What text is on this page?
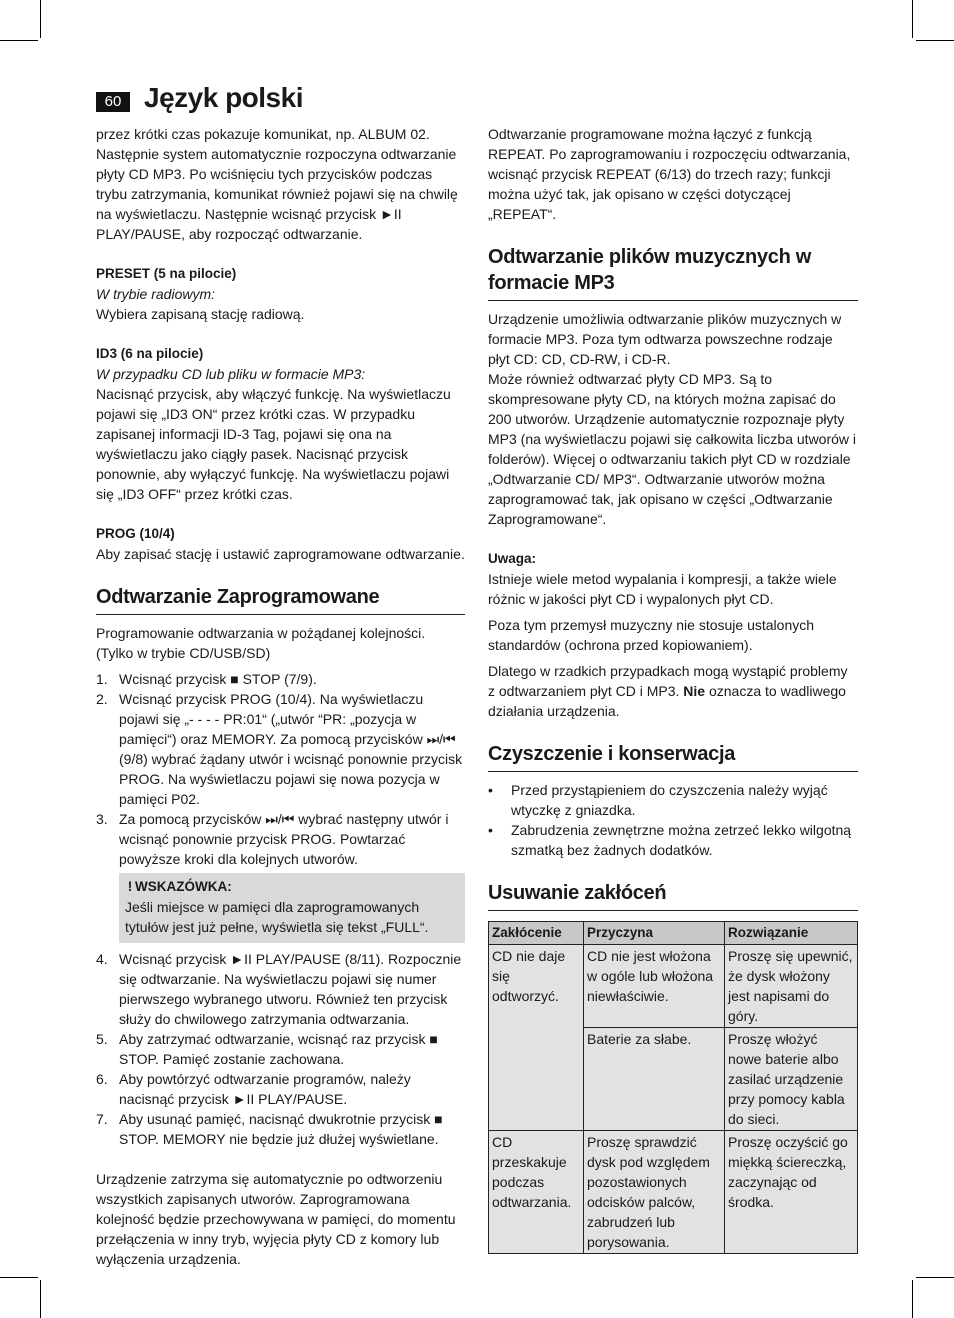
60 Język polski

przez krótki czas pokazuje komunikat, np. ALBUM 02. Następnie system automatycznie rozpoczyna odtwarzanie płyty CD MP3. Po wciśnięciu tych przycisków podczas trybu zatrzymania, komunikat również pojawi się na chwilę na wyświetlaczu. Następnie wcisnąć przycisk ►II PLAY/PAUSE, aby rozpocząć odtwarzanie.

PRESET (5 na pilocie)

W trybie radiowym:

Wybiera zapisaną stację radiową.

ID3 (6 na pilocie)

W przypadku CD lub pliku w formacie MP3:

Nacisnąć przycisk, aby włączyć funkcję. Na wyświetlaczu pojawi się „ID3 ON“ przez krótki czas. W przypadku zapisanej informacji ID-3 Tag, pojawi się ona na wyświetlaczu jako ciągły pasek. Nacisnąć przycisk ponownie, aby wyłączyć funkcję. Na wyświetlaczu pojawi się „ID3 OFF“ przez krótki czas.

PROG (10/4)

Aby zapisać stację i ustawić zaprogramowane odtwarzanie.

Odtwarzanie Zaprogramowane

Programowanie odtwarzania w pożądanej kolejności. (Tylko w trybie CD/USB/SD)

1. Wcisnąć przycisk ■ STOP (7/9).
2. Wcisnąć przycisk PROG (10/4). Na wyświetlaczu pojawi się „- - - - PR:01“ („utwór “PR: „pozycja w pamięci“) oraz MEMORY. Za pomocą przycisków ⏭/⏮ (9/8) wybrać żądany utwór i wcisnąć ponownie przycisk PROG. Na wyświetlaczu pojawi się nowa pozycja w pamięci P02.
3. Za pomocą przycisków ⏭/⏮ wybrać następny utwór i wcisnąć ponownie przycisk PROG. Powtarzać powyższe kroki dla kolejnych utworów.
! WSKAZÓWKA:

Jeśli miejsce w pamięci dla zaprogramowanych tytułów jest już pełne, wyświetla się tekst „FULL“.

4. Wcisnąć przycisk ►II PLAY/PAUSE (8/11). Rozpocznie się odtwarzanie. Na wyświetlaczu pojawi się numer pierwszego wybranego utworu. Również ten przycisk służy do chwilowego zatrzymania odtwarzania.
5. Aby zatrzymać odtwarzanie, wcisnąć raz przycisk ■ STOP. Pamięć zostanie zachowana.
6. Aby powtórzyć odtwarzanie programów, należy nacisnąć przycisk ►II PLAY/PAUSE.
7. Aby usunąć pamięć, nacisnąć dwukrotnie przycisk ■ STOP. MEMORY nie będzie już dłużej wyświetlane.

Urządzenie zatrzyma się automatycznie po odtworzeniu wszystkich zapisanych utworów. Zaprogramowana kolejność będzie przechowywana w pamięci, do momentu przełączenia w inny tryb, wyjęcia płyty CD z komory lub wyłączenia urządzenia.

Odtwarzanie programowane można łączyć z funkcją REPEAT. Po zaprogramowaniu i rozpoczęciu odtwarzania, wcisnąć przycisk REPEAT (6/13) do trzech razy; funkcji można użyć tak, jak opisano w części dotyczącej „REPEAT“.

Odtwarzanie plików muzycznych w formacie MP3

Urządzenie umożliwia odtwarzanie plików muzycznych w formacie MP3. Poza tym odtwarza powszechne rodzaje płyt CD: CD, CD-RW, i CD-R.

Może również odtwarzać płyty CD MP3. Są to skompresowane płyty CD, na których można zapisać do 200 utworów. Urządzenie automatycznie rozpoznaje płyty MP3 (na wyświetlaczu pojawi się całkowita liczba utworów i folderów). Więcej o odtwarzaniu takich płyt CD w rozdziale „Odtwarzanie CD/ MP3“. Odtwarzanie utworów można zaprogramować tak, jak opisano w części „Odtwarzanie Zaprogramowane“.

Uwaga:

Istnieje wiele metod wypalania i kompresji, a także wiele różnic w jakości płyt CD i wypalonych płyt CD.

Poza tym przemysł muzyczny nie stosuje ustalonych standardów (ochrona przed kopiowaniem).

Dlatego w rzadkich przypadkach mogą wystąpić problemy z odtwarzaniem płyt CD i MP3. Nie oznacza to wadliwego działania urządzenia.

Czyszczenie i konserwacja
• Przed przystąpieniem do czyszczenia należy wyjąć wtyczkę z gniazdka.
• Zabrudzenia zewnętrzne można zetrzeć lekko wilgotną szmatką bez żadnych dodatków.
Usuwanie zakłóceń
Zakłócenie	Przyczyna	Rozwiązanie
CD nie daje się odtworzyć.	CD nie jest włożona w ogóle lub włożona niewłaściwie.	Proszę się upewnić, że dysk włożony jest napisami do góry.
	Baterie za słabe.	Proszę włożyć nowe baterie albo zasilać urządzenie przy pomocy kabla do sieci.
CD przeskakuje podczas odtwarzania.	Proszę sprawdzić dysk pod względem pozostawionych odcisków palców, zabrudzeń lub porysowania.	Proszę oczyścić go miękką ściereczką, zaczynając od środka.
